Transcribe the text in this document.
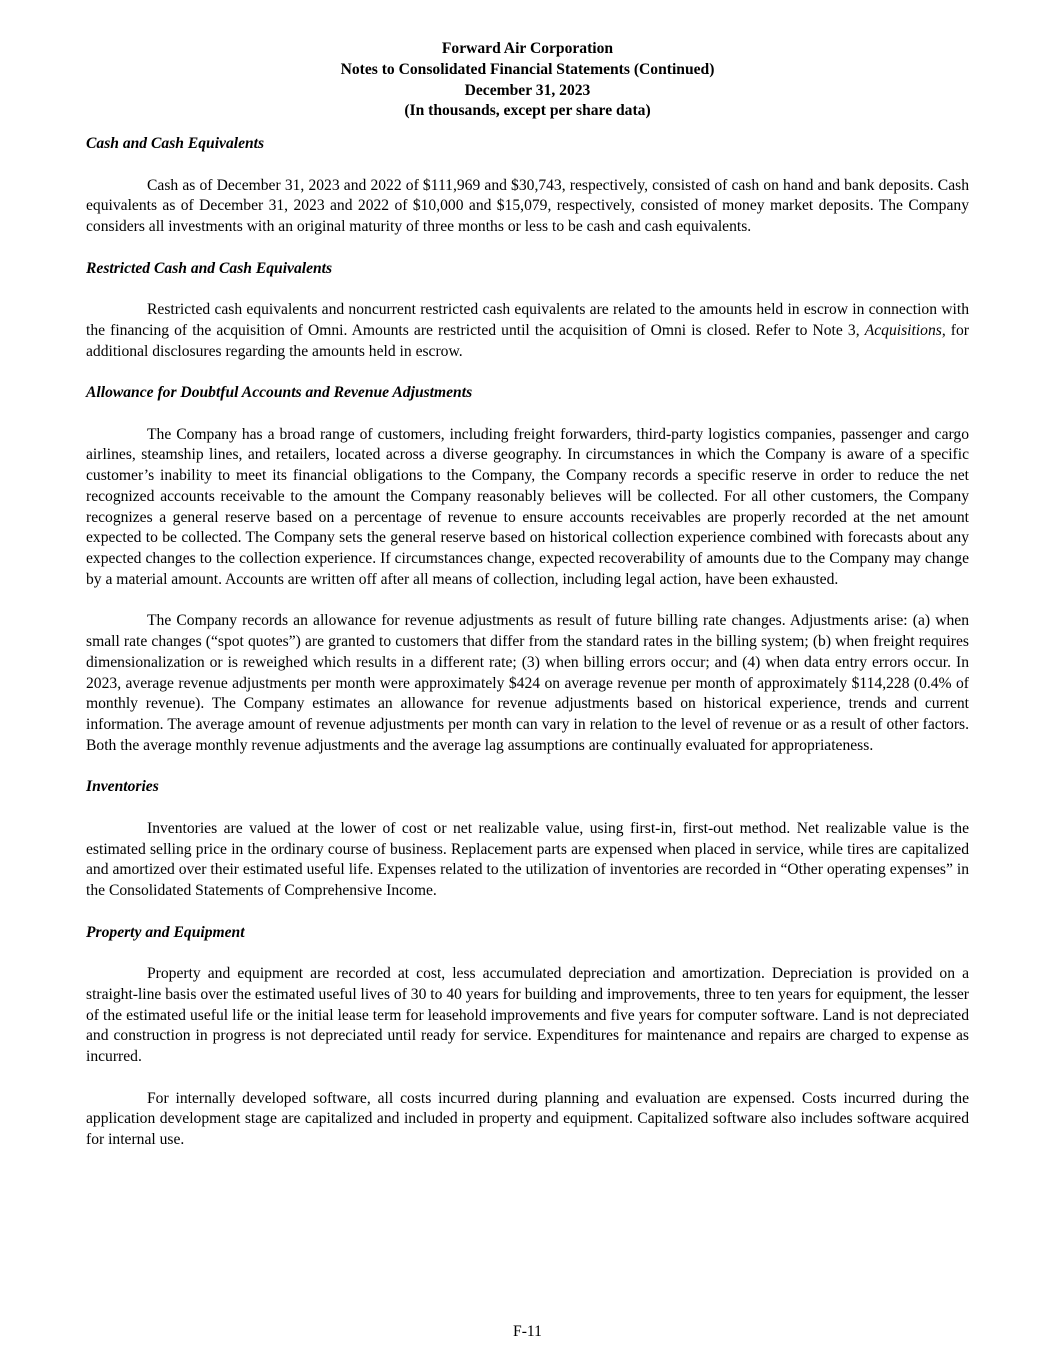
Forward Air Corporation
Notes to Consolidated Financial Statements (Continued)
December 31, 2023
(In thousands, except per share data)
Cash and Cash Equivalents

Cash as of December 31, 2023 and 2022 of $111,969 and $30,743, respectively, consisted of cash on hand and bank deposits. Cash equivalents as of December 31, 2023 and 2022 of $10,000 and $15,079, respectively, consisted of money market deposits. The Company considers all investments with an original maturity of three months or less to be cash and cash equivalents.

Restricted Cash and Cash Equivalents

Restricted cash equivalents and noncurrent restricted cash equivalents are related to the amounts held in escrow in connection with the financing of the acquisition of Omni. Amounts are restricted until the acquisition of Omni is closed. Refer to Note 3, Acquisitions, for additional disclosures regarding the amounts held in escrow.

Allowance for Doubtful Accounts and Revenue Adjustments

The Company has a broad range of customers, including freight forwarders, third-party logistics companies, passenger and cargo airlines, steamship lines, and retailers, located across a diverse geography. In circumstances in which the Company is aware of a specific customer’s inability to meet its financial obligations to the Company, the Company records a specific reserve in order to reduce the net recognized accounts receivable to the amount the Company reasonably believes will be collected. For all other customers, the Company recognizes a general reserve based on a percentage of revenue to ensure accounts receivables are properly recorded at the net amount expected to be collected. The Company sets the general reserve based on historical collection experience combined with forecasts about any expected changes to the collection experience. If circumstances change, expected recoverability of amounts due to the Company may change by a material amount. Accounts are written off after all means of collection, including legal action, have been exhausted.

The Company records an allowance for revenue adjustments as result of future billing rate changes. Adjustments arise: (a) when small rate changes (“spot quotes”) are granted to customers that differ from the standard rates in the billing system; (b) when freight requires dimensionalization or is reweighed which results in a different rate; (3) when billing errors occur; and (4) when data entry errors occur. In 2023, average revenue adjustments per month were approximately $424 on average revenue per month of approximately $114,228 (0.4% of monthly revenue). The Company estimates an allowance for revenue adjustments based on historical experience, trends and current information. The average amount of revenue adjustments per month can vary in relation to the level of revenue or as a result of other factors. Both the average monthly revenue adjustments and the average lag assumptions are continually evaluated for appropriateness.

Inventories

Inventories are valued at the lower of cost or net realizable value, using first-in, first-out method. Net realizable value is the estimated selling price in the ordinary course of business. Replacement parts are expensed when placed in service, while tires are capitalized and amortized over their estimated useful life. Expenses related to the utilization of inventories are recorded in “Other operating expenses” in the Consolidated Statements of Comprehensive Income.

Property and Equipment

Property and equipment are recorded at cost, less accumulated depreciation and amortization. Depreciation is provided on a straight-line basis over the estimated useful lives of 30 to 40 years for building and improvements, three to ten years for equipment, the lesser of the estimated useful life or the initial lease term for leasehold improvements and five years for computer software. Land is not depreciated and construction in progress is not depreciated until ready for service. Expenditures for maintenance and repairs are charged to expense as incurred.

For internally developed software, all costs incurred during planning and evaluation are expensed. Costs incurred during the application development stage are capitalized and included in property and equipment. Capitalized software also includes software acquired for internal use.

F-11
